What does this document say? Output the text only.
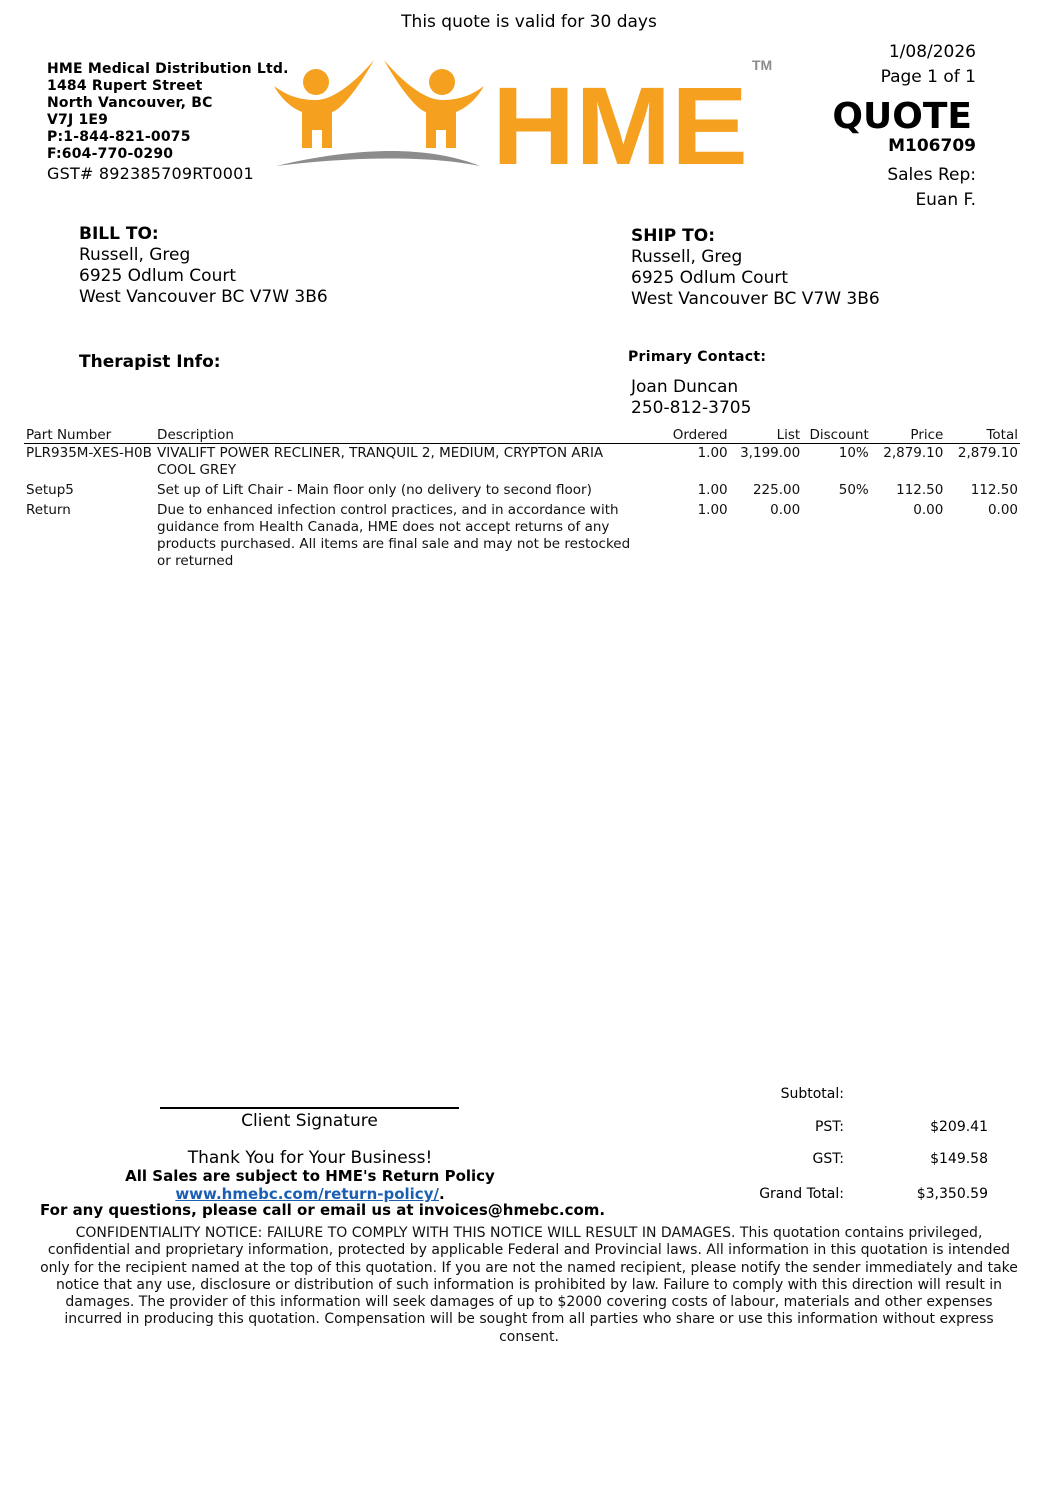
This quote is valid for 30 days
HME Medical Distribution Ltd.
1484 Rupert Street
North Vancouver, BC
V7J 1E9
P:1-844-821-0075
F:604-770-0290
GST# 892385709RT0001	HME TM
1/08/2026
Page 1 of 1
QUOTE
M106709
Sales Rep:
Euan F.
BILL TO:
Russell, Greg
6925 Odlum Court
West Vancouver BC V7W 3B6
SHIP TO:
Russell, Greg
6925 Odlum Court
West Vancouver BC V7W 3B6
Therapist Info:	Primary Contact:
Joan Duncan
250-812-3705
Part Number	Description	Ordered	List	Discount	Price	Total
PLR935M-XES-H0B	VIVALIFT POWER RECLINER, TRANQUIL 2, MEDIUM, CRYPTON ARIA COOL GREY	1.00	3,199.00	10%	2,879.10	2,879.10
Setup5	Set up of Lift Chair - Main floor only (no delivery to second floor)	1.00	225.00	50%	112.50	112.50
Return	Due to enhanced infection control practices, and in accordance with guidance from Health Canada, HME does not accept returns of any products purchased. All items are final sale and may not be restocked or returned	1.00	0.00		0.00	0.00
Client Signature
Thank You for Your Business!
All Sales are subject to HME's Return Policy www.hmebc.com/return-policy/.
For any questions, please call or email us at invoices@hmebc.com.
Subtotal:
PST:	$209.41
GST:	$149.58
Grand Total:	$3,350.59
CONFIDENTIALITY NOTICE: FAILURE TO COMPLY WITH THIS NOTICE WILL RESULT IN DAMAGES. This quotation contains privileged, confidential and proprietary information, protected by applicable Federal and Provincial laws. All information in this quotation is intended only for the recipient named at the top of this quotation. If you are not the named recipient, please notify the sender immediately and take notice that any use, disclosure or distribution of such information is prohibited by law. Failure to comply with this direction will result in damages. The provider of this information will seek damages of up to $2000 covering costs of labour, materials and other expenses incurred in producing this quotation. Compensation will be sought from all parties who share or use this information without express consent.
